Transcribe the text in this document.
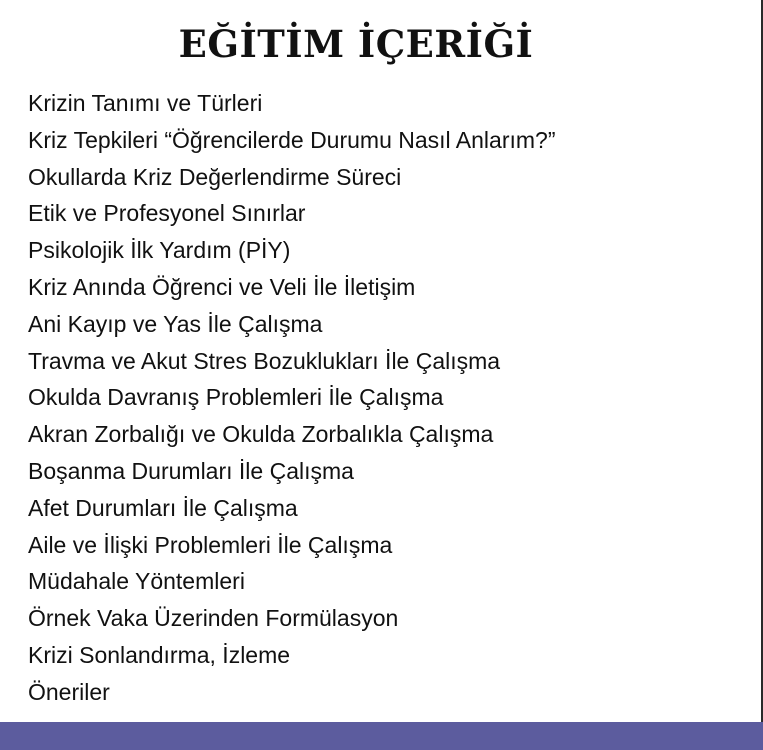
EĞİTİM İÇERİĞİ
Krizin Tanımı ve Türleri
Kriz Tepkileri “Öğrencilerde Durumu Nasıl Anlarım?”
Okullarda Kriz Değerlendirme Süreci
Etik ve Profesyonel Sınırlar
Psikolojik İlk Yardım (PİY)
Kriz Anında Öğrenci ve Veli İle İletişim
Ani Kayıp ve Yas İle Çalışma
Travma ve Akut Stres Bozuklukları İle Çalışma
Okulda Davranış Problemleri İle Çalışma
Akran Zorbalığı ve Okulda Zorbalıkla Çalışma
Boşanma Durumları İle Çalışma
Afet Durumları İle Çalışma
Aile ve İlişki Problemleri İle Çalışma
Müdahale Yöntemleri
Örnek Vaka Üzerinden Formülasyon
Krizi Sonlandırma, İzleme
Öneriler
